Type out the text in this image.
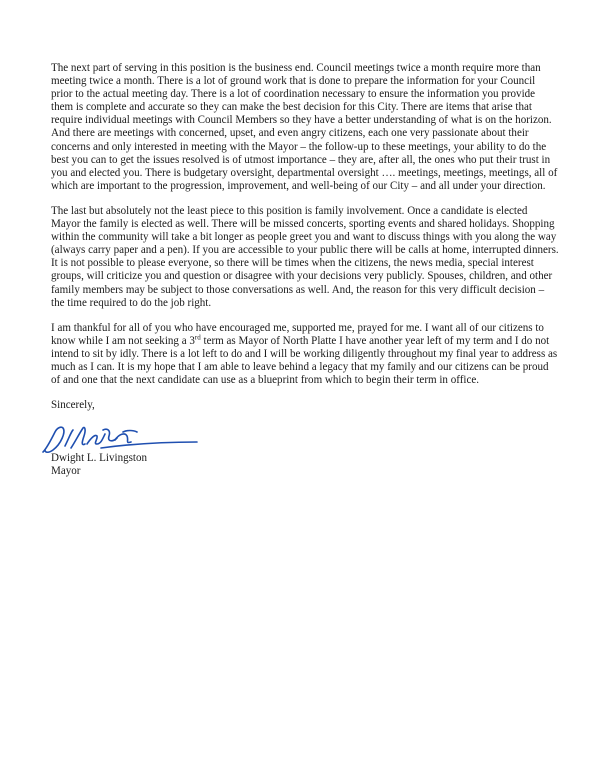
The next part of serving in this position is the business end. Council meetings twice a month require more than meeting twice a month. There is a lot of ground work that is done to prepare the information for your Council prior to the actual meeting day. There is a lot of coordination necessary to ensure the information you provide them is complete and accurate so they can make the best decision for this City. There are items that arise that require individual meetings with Council Members so they have a better understanding of what is on the horizon. And there are meetings with concerned, upset, and even angry citizens, each one very passionate about their concerns and only interested in meeting with the Mayor – the follow-up to these meetings, your ability to do the best you can to get the issues resolved is of utmost importance – they are, after all, the ones who put their trust in you and elected you. There is budgetary oversight, departmental oversight …. meetings, meetings, meetings, all of which are important to the progression, improvement, and well-being of our City – and all under your direction.

The last but absolutely not the least piece to this position is family involvement. Once a candidate is elected Mayor the family is elected as well. There will be missed concerts, sporting events and shared holidays. Shopping within the community will take a bit longer as people greet you and want to discuss things with you along the way (always carry paper and a pen). If you are accessible to your public there will be calls at home, interrupted dinners. It is not possible to please everyone, so there will be times when the citizens, the news media, special interest groups, will criticize you and question or disagree with your decisions very publicly. Spouses, children, and other family members may be subject to those conversations as well. And, the reason for this very difficult decision – the time required to do the job right.

I am thankful for all of you who have encouraged me, supported me, prayed for me. I want all of our citizens to know while I am not seeking a 3rd term as Mayor of North Platte I have another year left of my term and I do not intend to sit by idly. There is a lot left to do and I will be working diligently throughout my final year to address as much as I can. It is my hope that I am able to leave behind a legacy that my family and our citizens can be proud of and one that the next candidate can use as a blueprint from which to begin their term in office.

Sincerely,

Dwight L. Livingston
Mayor
